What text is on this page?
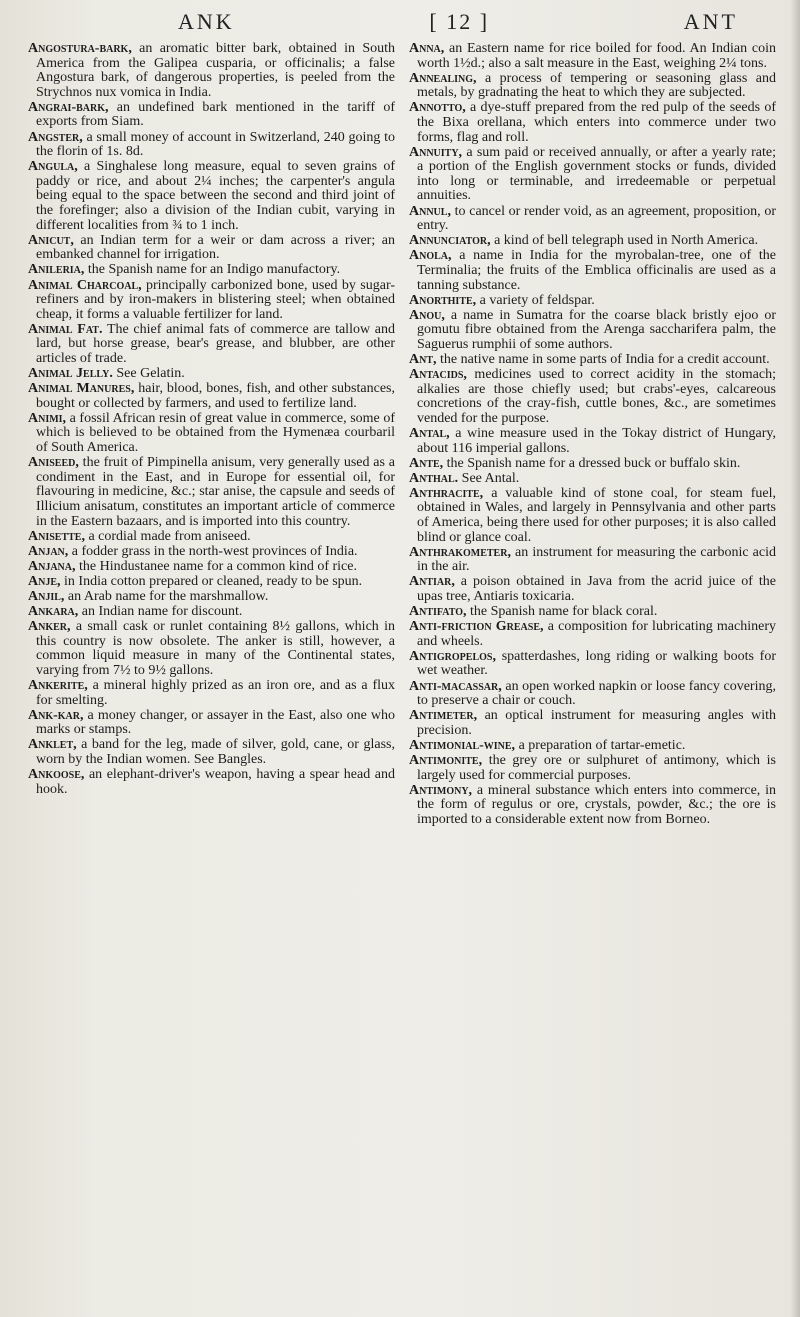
ANK	[ 12 ]	ANT

Angostura-bark, an aromatic bitter bark, obtained in South America from the Galipea cusparia, or officinalis; a false Angostura bark, of dangerous properties, is peeled from the Strychnos nux vomica in India.

Angrai-bark, an undefined bark mentioned in the tariff of exports from Siam.

Angster, a small money of account in Switzerland, 240 going to the florin of 1s. 8d.

Angula, a Singhalese long measure, equal to seven grains of paddy or rice, and about 2¼ inches; the carpenter's angula being equal to the space between the second and third joint of the forefinger; also a division of the Indian cubit, varying in different localities from ¾ to 1 inch.

Anicut, an Indian term for a weir or dam across a river; an embanked channel for irrigation.

Anileria, the Spanish name for an Indigo manufactory.

Animal Charcoal, principally carbonized bone, used by sugar-refiners and by iron-makers in blistering steel; when obtained cheap, it forms a valuable fertilizer for land.

Animal Fat. The chief animal fats of commerce are tallow and lard, but horse grease, bear's grease, and blubber, are other articles of trade.

Animal Jelly. See Gelatin.

Animal Manures, hair, blood, bones, fish, and other substances, bought or collected by farmers, and used to fertilize land.

Animi, a fossil African resin of great value in commerce, some of which is believed to be obtained from the Hymenæa courbaril of South America.

Aniseed, the fruit of Pimpinella anisum, very generally used as a condiment in the East, and in Europe for essential oil, for flavouring in medicine, &c.; star anise, the capsule and seeds of Illicium anisatum, constitutes an important article of commerce in the Eastern bazaars, and is imported into this country.

Anisette, a cordial made from aniseed.

Anjan, a fodder grass in the north-west provinces of India.

Anjana, the Hindustanee name for a common kind of rice.

Anje, in India cotton prepared or cleaned, ready to be spun.

Anjil, an Arab name for the marshmallow.

Ankara, an Indian name for discount.

Anker, a small cask or runlet containing 8½ gallons, which in this country is now obsolete. The anker is still, however, a common liquid measure in many of the Continental states, varying from 7½ to 9½ gallons.

Ankerite, a mineral highly prized as an iron ore, and as a flux for smelting.

Ank-kar, a money changer, or assayer in the East, also one who marks or stamps.

Anklet, a band for the leg, made of silver, gold, cane, or glass, worn by the Indian women. See Bangles.

Ankoose, an elephant-driver's weapon, having a spear head and hook.

Anna, an Eastern name for rice boiled for food. An Indian coin worth 1½d.; also a salt measure in the East, weighing 2¼ tons.

Annealing, a process of tempering or seasoning glass and metals, by gradnating the heat to which they are subjected.

Annotto, a dye-stuff prepared from the red pulp of the seeds of the Bixa orellana, which enters into commerce under two forms, flag and roll.

Annuity, a sum paid or received annually, or after a yearly rate; a portion of the English government stocks or funds, divided into long or terminable, and irredeemable or perpetual annuities.

Annul, to cancel or render void, as an agreement, proposition, or entry.

Annunciator, a kind of bell telegraph used in North America.

Anola, a name in India for the myrobalan-tree, one of the Terminalia; the fruits of the Emblica officinalis are used as a tanning substance.

Anorthite, a variety of feldspar.

Anou, a name in Sumatra for the coarse black bristly ejoo or gomutu fibre obtained from the Arenga saccharifera palm, the Saguerus rumphii of some authors.

Ant, the native name in some parts of India for a credit account.

Antacids, medicines used to correct acidity in the stomach; alkalies are those chiefly used; but crabs'-eyes, calcareous concretions of the cray-fish, cuttle bones, &c., are sometimes vended for the purpose.

Antal, a wine measure used in the Tokay district of Hungary, about 116 imperial gallons.

Ante, the Spanish name for a dressed buck or buffalo skin.

Anthal. See Antal.

Anthracite, a valuable kind of stone coal, for steam fuel, obtained in Wales, and largely in Pennsylvania and other parts of America, being there used for other purposes; it is also called blind or glance coal.

Anthrakometer, an instrument for measuring the carbonic acid in the air.

Antiar, a poison obtained in Java from the acrid juice of the upas tree, Antiaris toxicaria.

Antifato, the Spanish name for black coral.

Anti-friction Grease, a composition for lubricating machinery and wheels.

Antigropelos, spatterdashes, long riding or walking boots for wet weather.

Anti-macassar, an open worked napkin or loose fancy covering, to preserve a chair or couch.

Antimeter, an optical instrument for measuring angles with precision.

Antimonial-wine, a preparation of tartar-emetic.

Antimonite, the grey ore or sulphuret of antimony, which is largely used for commercial purposes.

Antimony, a mineral substance which enters into commerce, in the form of regulus or ore, crystals, powder, &c.; the ore is imported to a considerable extent now from Borneo.
